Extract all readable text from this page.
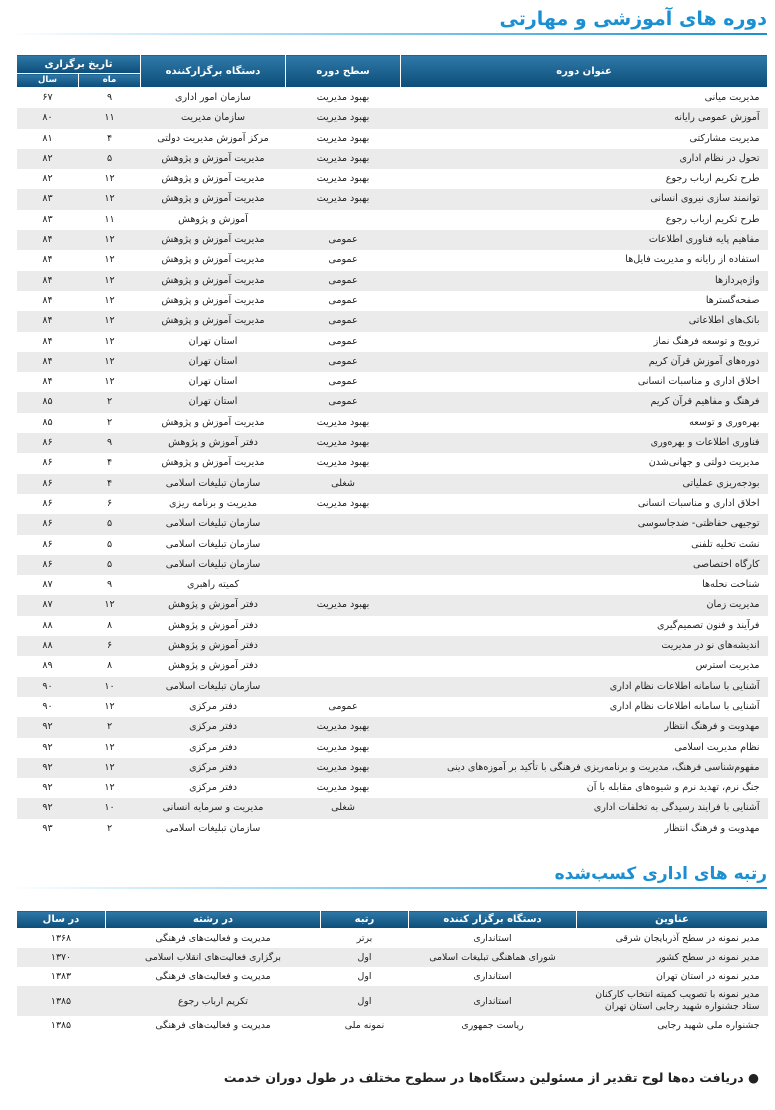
دوره های آموزشی و مهارتی
عنوان دوره	سطح دوره	دستگاه برگزارکننده	تاریخ برگزاری	
			ماه	سال
مدیریت میانی	بهبود مدیریت	سازمان امور اداری	۹	۶۷
آموزش عمومی رایانه	بهبود مدیریت	سازمان مدیریت	۱۱	۸۰
مدیریت مشارکتی	بهبود مدیریت	مرکز آموزش مدیریت دولتی	۴	۸۱
تحول در نظام اداری	بهبود مدیریت	مدیریت آموزش و پژوهش	۵	۸۲
طرح تکریم ارباب رجوع	بهبود مدیریت	مدیریت آموزش و پژوهش	۱۲	۸۲
توانمند سازی نیروی انسانی	بهبود مدیریت	مدیریت آموزش و پژوهش	۱۲	۸۳
طرح تکریم ارباب رجوع		آموزش و پژوهش	۱۱	۸۳
مفاهیم پایه فناوری اطلاعات	عمومی	مدیریت آموزش و پژوهش	۱۲	۸۴
استفاده از رایانه و مدیریت فایل‌ها	عمومی	مدیریت آموزش و پژوهش	۱۲	۸۴
واژه‌پردازها	عمومی	مدیریت آموزش و پژوهش	۱۲	۸۴
صفحه‌گسترها	عمومی	مدیریت آموزش و پژوهش	۱۲	۸۴
بانک‌های اطلاعاتی	عمومی	مدیریت آموزش و پژوهش	۱۲	۸۴
ترویج و توسعه فرهنگ نماز	عمومی	استان تهران	۱۲	۸۴
دوره‌های آموزش قرآن کریم	عمومی	استان تهران	۱۲	۸۴
اخلاق اداری و مناسبات انسانی	عمومی	استان تهران	۱۲	۸۴
فرهنگ و مفاهیم قرآن کریم	عمومی	استان تهران	۲	۸۵
بهره‌وری و توسعه	بهبود مدیریت	مدیریت آموزش و پژوهش	۲	۸۵
فناوری اطلاعات و بهره‌وری	بهبود مدیریت	دفتر آموزش و پژوهش	۹	۸۶
مدیریت دولتی و جهانی‌شدن	بهبود مدیریت	مدیریت آموزش و پژوهش	۴	۸۶
بودجه‌ریزی عملیاتی	شغلی	سازمان تبلیغات اسلامی	۴	۸۶
اخلاق اداری و مناسبات انسانی	بهبود مدیریت	مدیریت و برنامه ریزی	۶	۸۶
توجیهی حفاظتی- ضدجاسوسی		سازمان تبلیغات اسلامی	۵	۸۶
نشت تخلیه تلفنی		سازمان تبلیغات اسلامی	۵	۸۶
کارگاه اختصاصی		سازمان تبلیغات اسلامی	۵	۸۶
شناخت نحله‌ها		کمیته راهبری	۹	۸۷
مدیریت زمان	بهبود مدیریت	دفتر آموزش و پژوهش	۱۲	۸۷
فرآیند و فنون تصمیم‌گیری		دفتر آموزش و پژوهش	۸	۸۸
اندیشه‌های نو در مدیریت		دفتر آموزش و پژوهش	۶	۸۸
مدیریت استرس		دفتر آموزش و پژوهش	۸	۸۹
آشنایی با سامانه اطلاعات نظام اداری		سازمان تبلیغات اسلامی	۱۰	۹۰
آشنایی با سامانه اطلاعات نظام اداری	عمومی	دفتر مرکزی	۱۲	۹۰
مهدویت و فرهنگ انتظار	بهبود مدیریت	دفتر مرکزی	۲	۹۲
نظام مدیریت اسلامی	بهبود مدیریت	دفتر مرکزی	۱۲	۹۲
مفهوم‌شناسی فرهنگ، مدیریت و برنامه‌ریزی فرهنگی با تأکید بر آموزه‌های دینی	بهبود مدیریت	دفتر مرکزی	۱۲	۹۲
جنگ نرم، تهدید نرم و شیوه‌های مقابله با آن	بهبود مدیریت	دفتر مرکزی	۱۲	۹۲
آشنایی با فرایند رسیدگی به تخلفات اداری	شغلی	مدیریت و سرمایه انسانی	۱۰	۹۲
مهدویت و فرهنگ انتظار		سازمان تبلیغات اسلامی	۲	۹۳
رتبه های اداری کسب‌شده
عناوین	دستگاه برگزار کننده	رتبه	در رشته	در سال
مدیر نمونه در سطح آذربایجان شرقی	استانداری	برتر	مدیریت و فعالیت‌های فرهنگی	۱۳۶۸
مدیر نمونه در سطح کشور	شورای هماهنگی تبلیغات اسلامی	اول	برگزاری فعالیت‌های انقلاب اسلامی	۱۳۷۰
مدیر نمونه در استان تهران	استانداری	اول	مدیریت و فعالیت‌های فرهنگی	۱۳۸۳
مدیر نمونه با تصویب کمیته انتخاب کارکنان ستاد جشنواره شهید رجایی استان تهران	استانداری	اول	تکریم ارباب رجوع	۱۳۸۵
جشنواره ملی شهید رجایی	ریاست جمهوری	نمونه ملی	مدیریت و فعالیت‌های فرهنگی	۱۳۸۵
● دریافت ده‌ها لوح تقدیر از مسئولین دستگاه‌ها در سطوح مختلف در طول دوران خدمت
